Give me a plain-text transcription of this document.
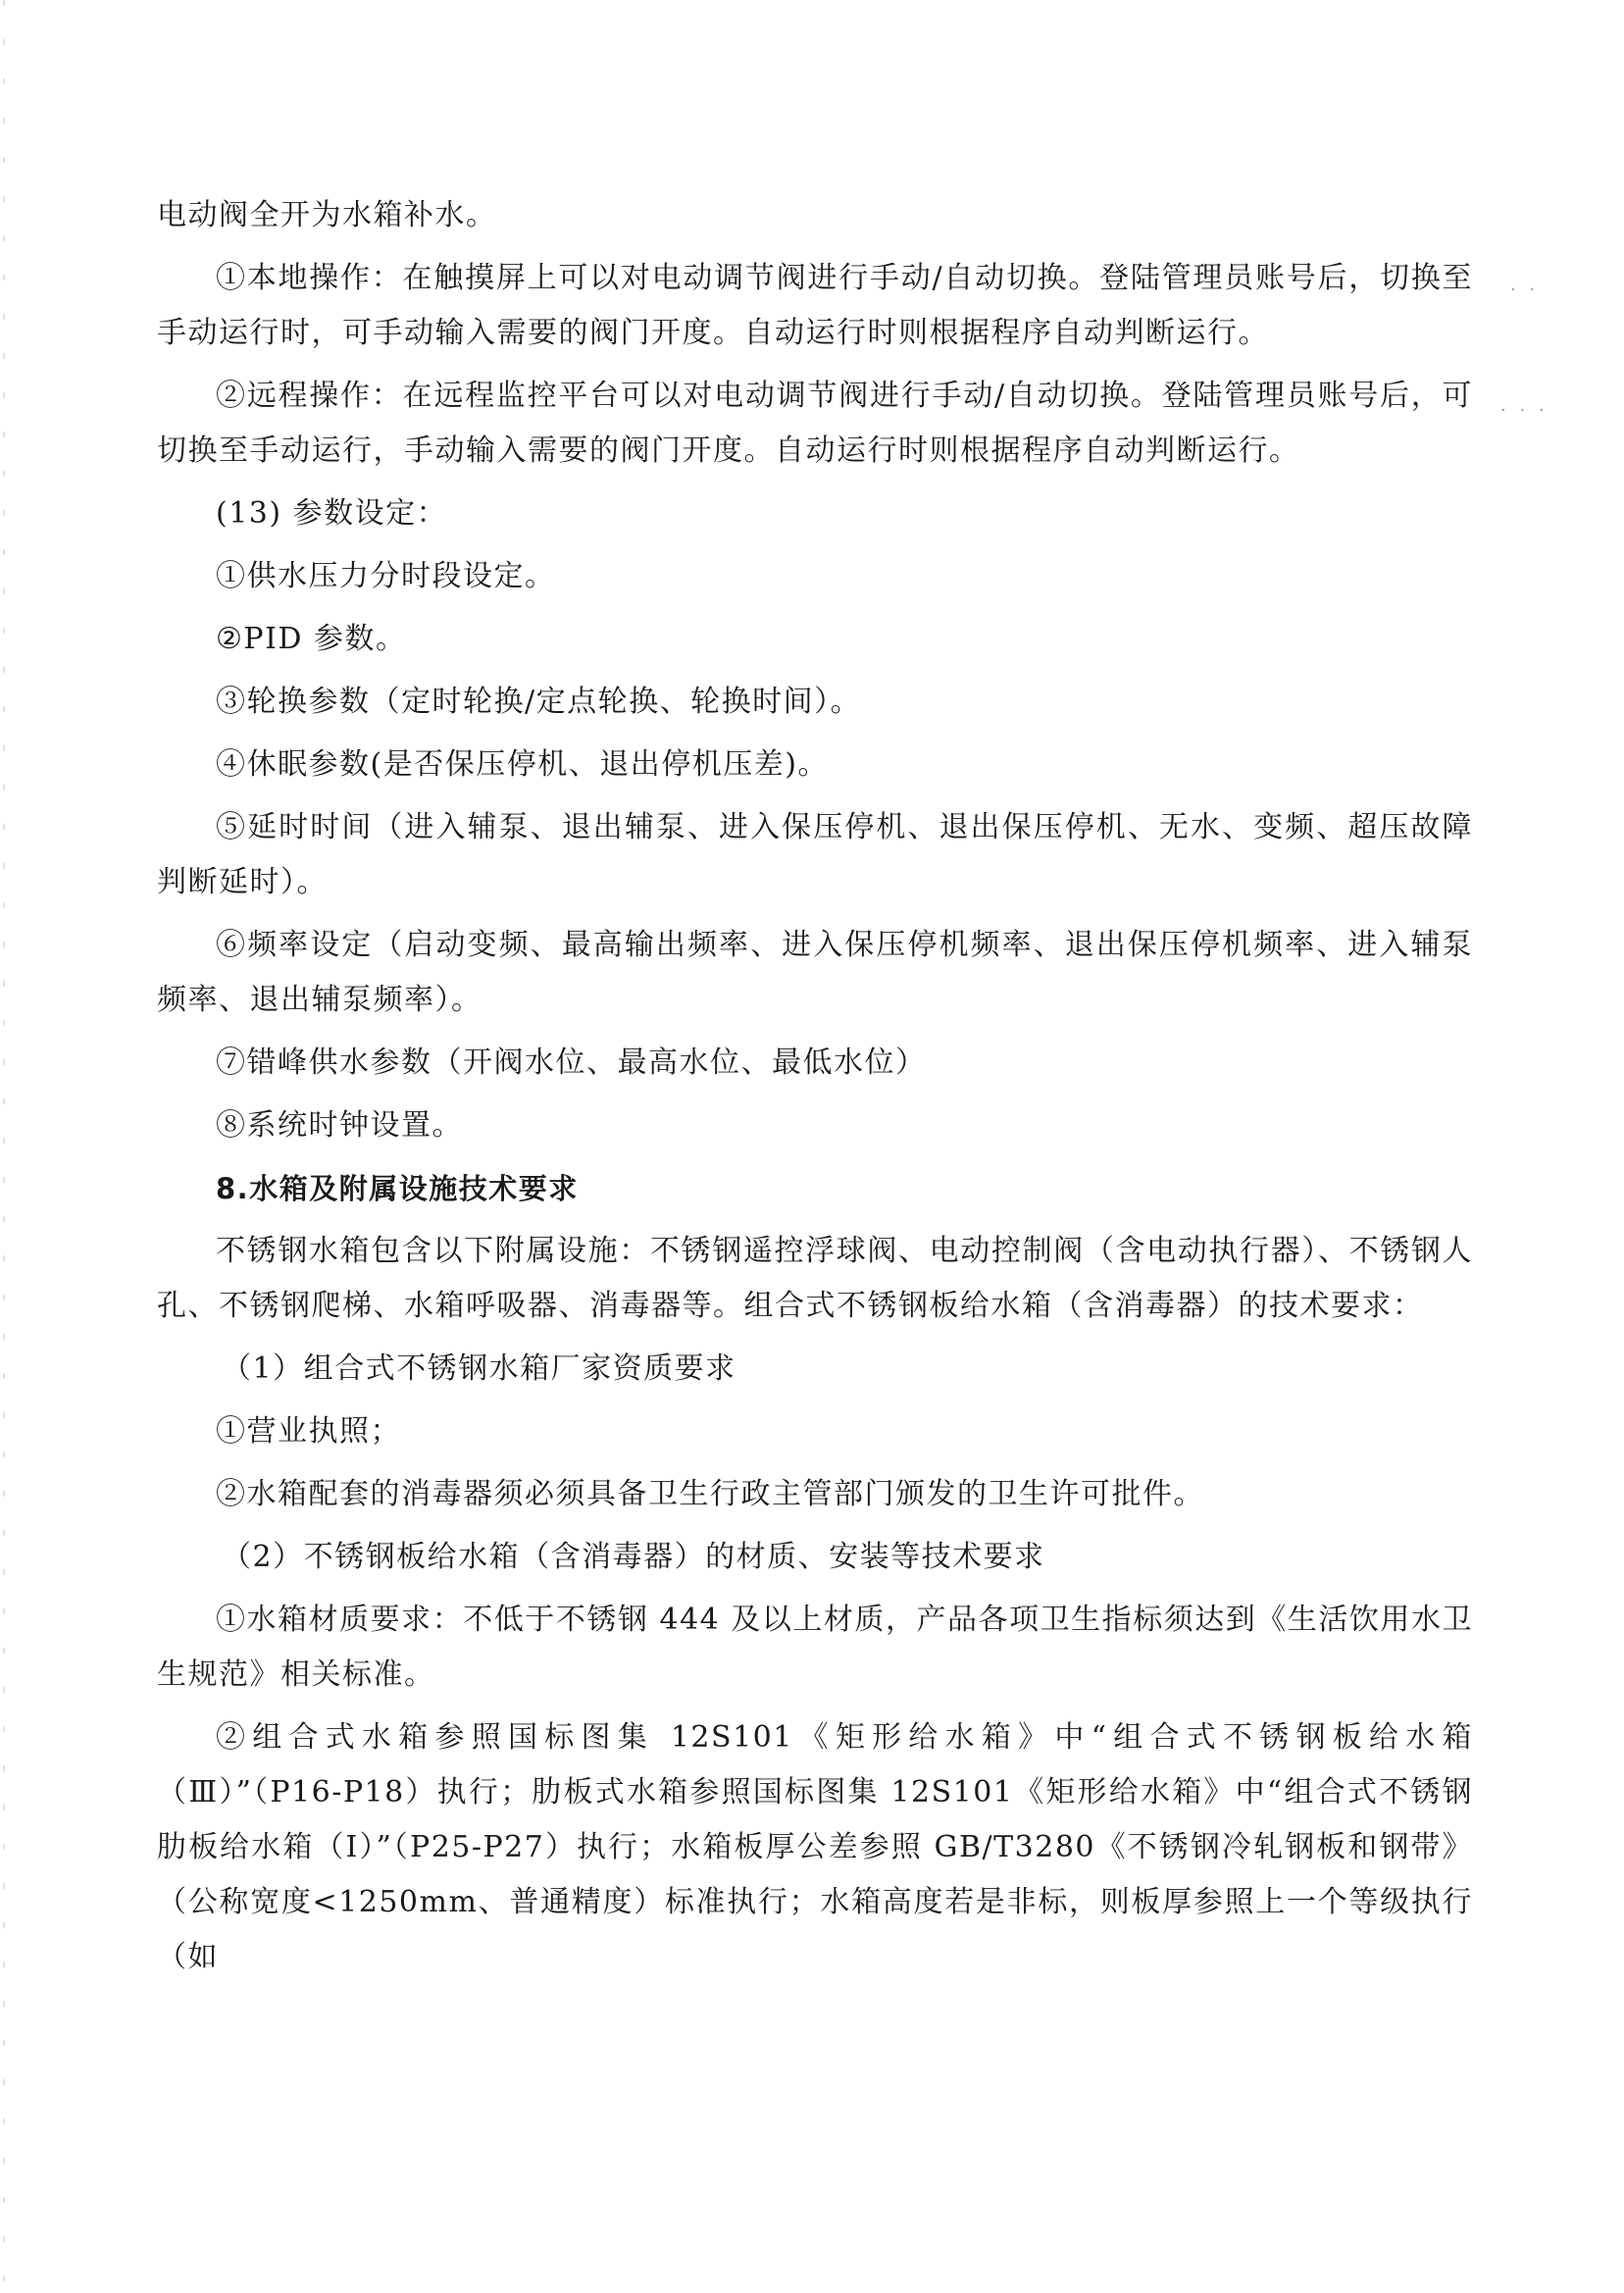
· ·
· · ·

电动阀全开为水箱补水。

①本地操作：在触摸屏上可以对电动调节阀进行手动/自动切换。登陆管理员账号后，切换至手动运行时，可手动输入需要的阀门开度。自动运行时则根据程序自动判断运行。

②远程操作：在远程监控平台可以对电动调节阀进行手动/自动切换。登陆管理员账号后，可切换至手动运行，手动输入需要的阀门开度。自动运行时则根据程序自动判断运行。

(13) 参数设定：

①供水压力分时段设定。

②PID 参数。

③轮换参数（定时轮换/定点轮换、轮换时间）。

④休眠参数(是否保压停机、退出停机压差)。

⑤延时时间（进入辅泵、退出辅泵、进入保压停机、退出保压停机、无水、变频、超压故障判断延时）。

⑥频率设定（启动变频、最高输出频率、进入保压停机频率、退出保压停机频率、进入辅泵频率、退出辅泵频率）。

⑦错峰供水参数（开阀水位、最高水位、最低水位）

⑧系统时钟设置。

8.水箱及附属设施技术要求

不锈钢水箱包含以下附属设施：不锈钢遥控浮球阀、电动控制阀（含电动执行器）、不锈钢人孔、不锈钢爬梯、水箱呼吸器、消毒器等。组合式不锈钢板给水箱（含消毒器）的技术要求：

（1）组合式不锈钢水箱厂家资质要求

①营业执照；

②水箱配套的消毒器须必须具备卫生行政主管部门颁发的卫生许可批件。

（2）不锈钢板给水箱（含消毒器）的材质、安装等技术要求

①水箱材质要求：不低于不锈钢 444 及以上材质，产品各项卫生指标须达到《生活饮用水卫生规范》相关标准。

②组合式水箱参照国标图集 12S101《矩形给水箱》中“组合式不锈钢板给水箱（Ⅲ）”（P16-P18）执行；肋板式水箱参照国标图集 12S101《矩形给水箱》中“组合式不锈钢肋板给水箱（Ⅰ）”（P25-P27）执行；水箱板厚公差参照 GB/T3280《不锈钢冷轧钢板和钢带》（公称宽度<1250mm、普通精度）标准执行；水箱高度若是非标，则板厚参照上一个等级执行（如
